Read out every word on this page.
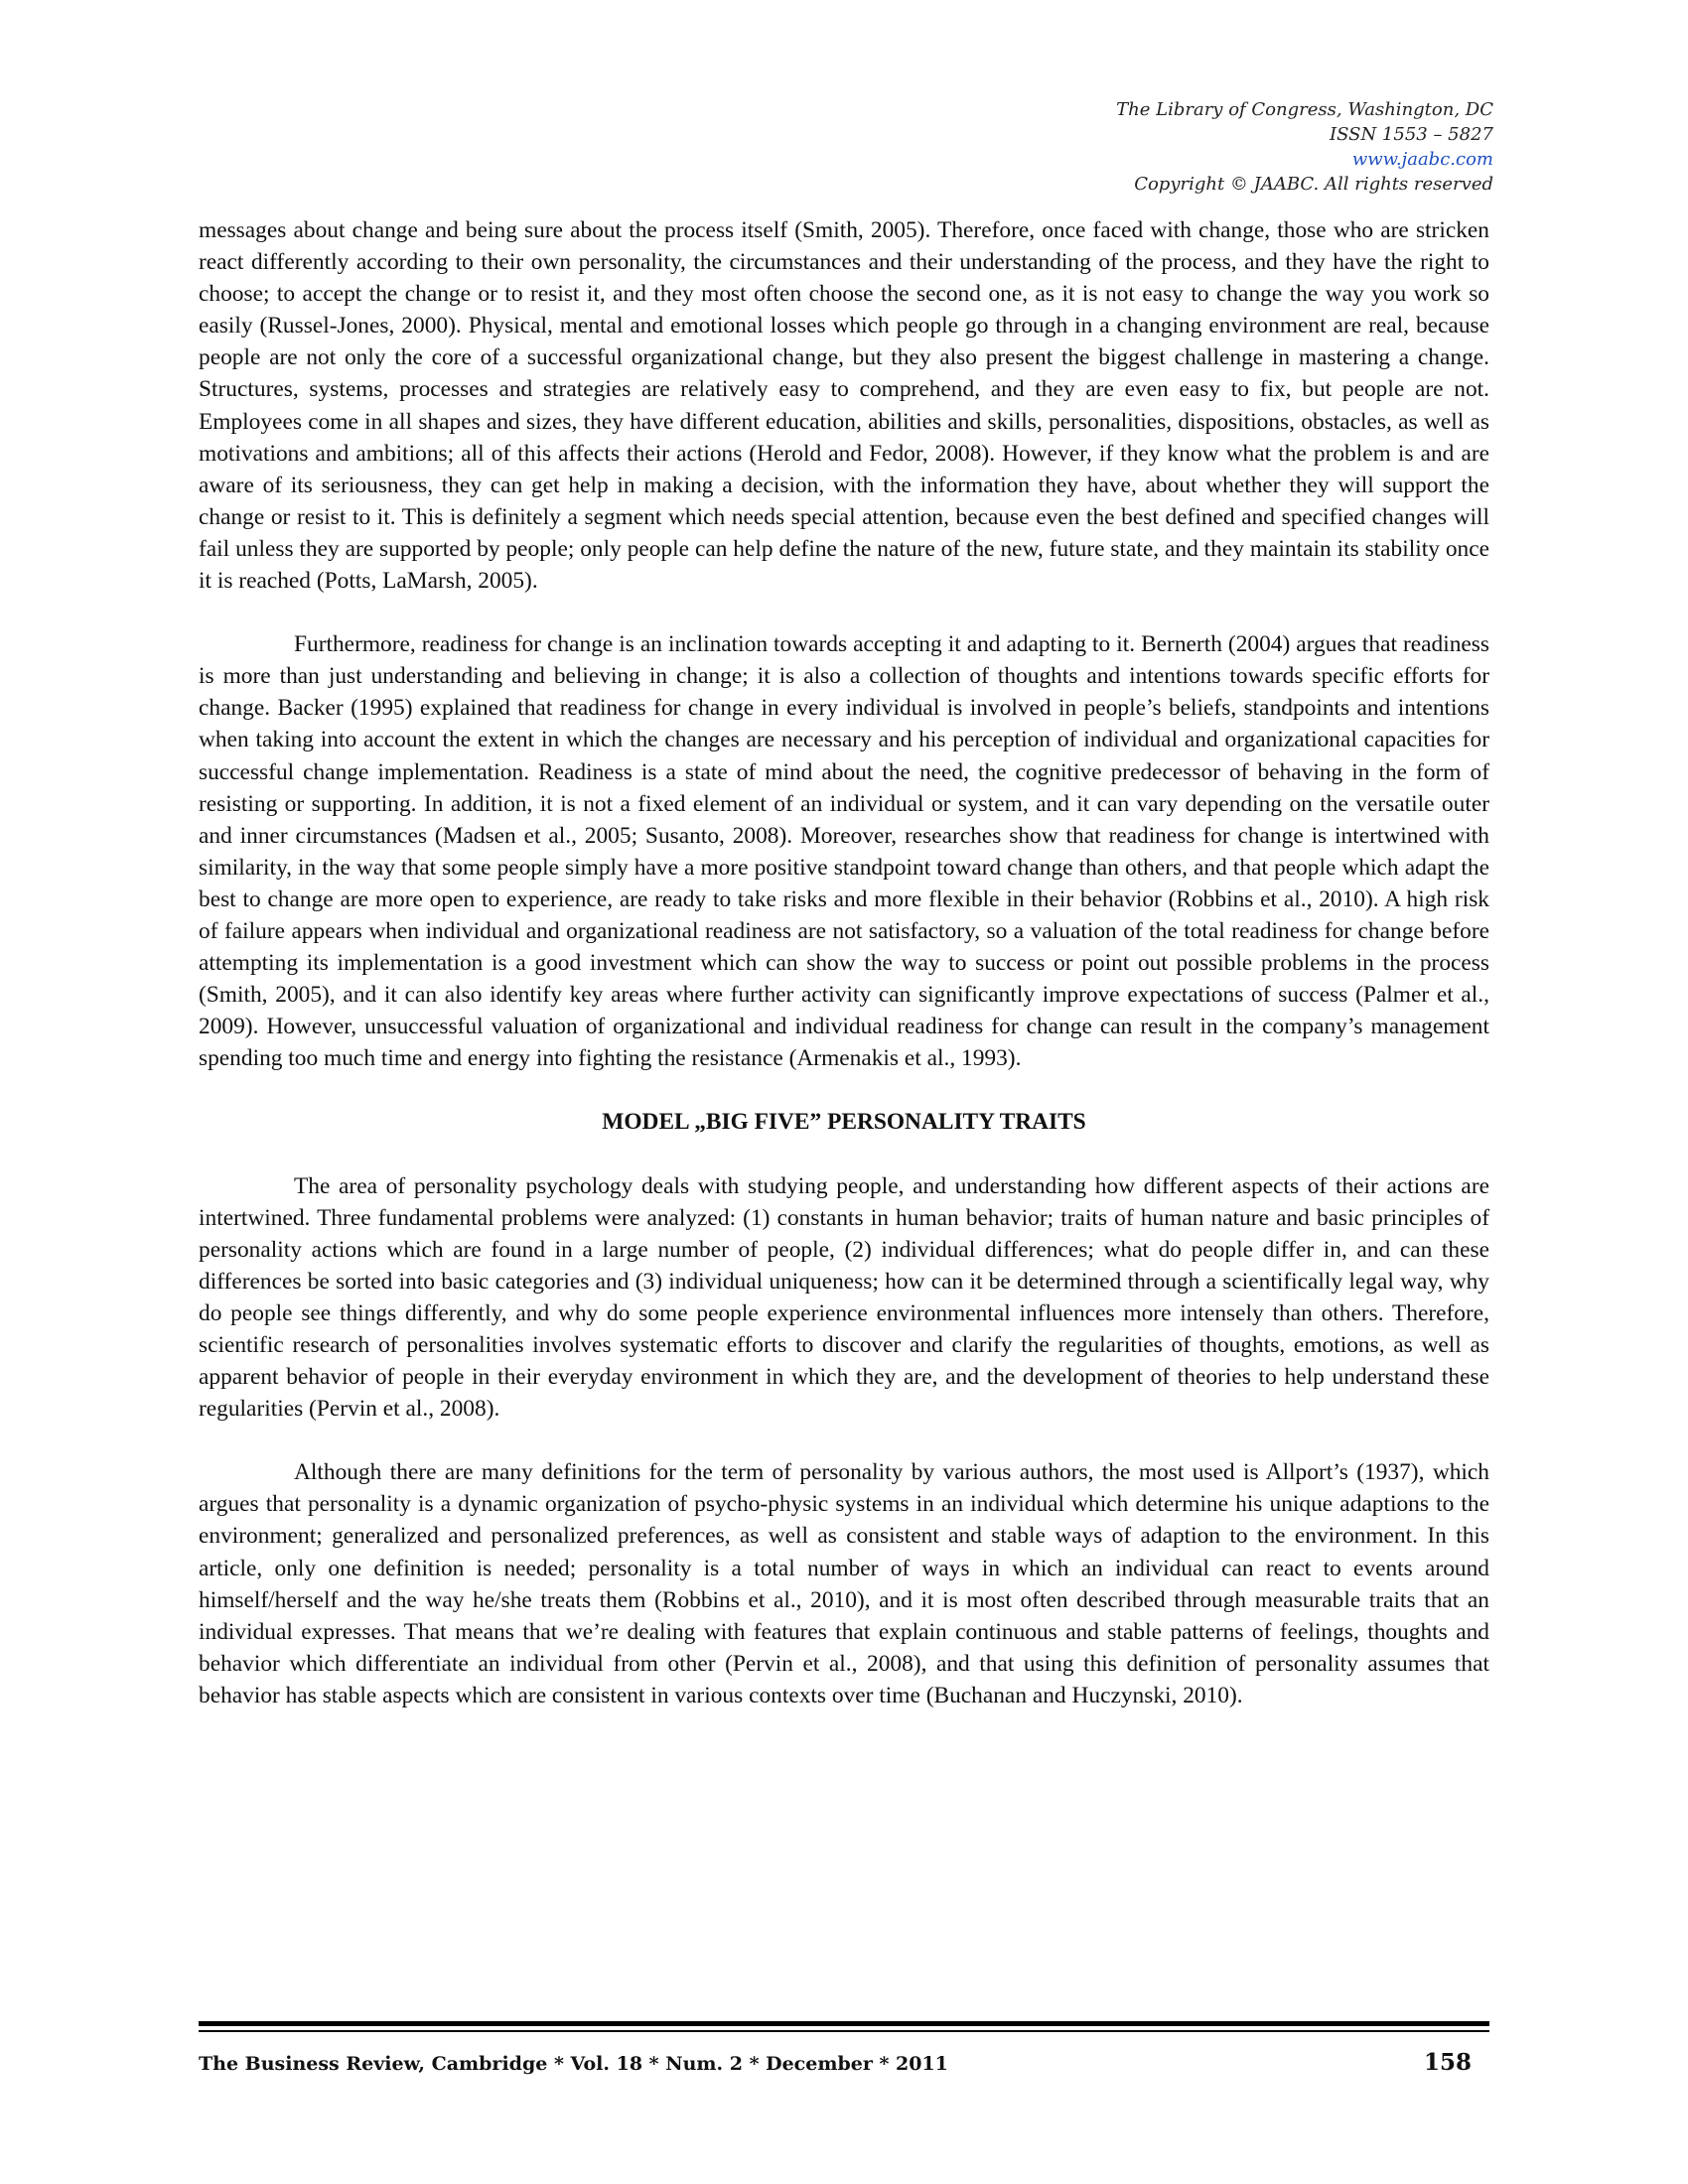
The Library of Congress, Washington, DC
ISSN 1553 – 5827
www.jaabc.com
Copyright © JAABC. All rights reserved

messages about change and being sure about the process itself (Smith, 2005). Therefore, once faced with change, those who are stricken react differently according to their own personality, the circumstances and their understanding of the process, and they have the right to choose; to accept the change or to resist it, and they most often choose the second one, as it is not easy to change the way you work so easily (Russel-Jones, 2000). Physical, mental and emotional losses which people go through in a changing environment are real, because people are not only the core of a successful organizational change, but they also present the biggest challenge in mastering a change. Structures, systems, processes and strategies are relatively easy to comprehend, and they are even easy to fix, but people are not. Employees come in all shapes and sizes, they have different education, abilities and skills, personalities, dispositions, obstacles, as well as motivations and ambitions; all of this affects their actions (Herold and Fedor, 2008). However, if they know what the problem is and are aware of its seriousness, they can get help in making a decision, with the information they have, about whether they will support the change or resist to it. This is definitely a segment which needs special attention, because even the best defined and specified changes will fail unless they are supported by people; only people can help define the nature of the new, future state, and they maintain its stability once it is reached (Potts, LaMarsh, 2005).

Furthermore, readiness for change is an inclination towards accepting it and adapting to it. Bernerth (2004) argues that readiness is more than just understanding and believing in change; it is also a collection of thoughts and intentions towards specific efforts for change. Backer (1995) explained that readiness for change in every individual is involved in people’s beliefs, standpoints and intentions when taking into account the extent in which the changes are necessary and his perception of individual and organizational capacities for successful change implementation. Readiness is a state of mind about the need, the cognitive predecessor of behaving in the form of resisting or supporting. In addition, it is not a fixed element of an individual or system, and it can vary depending on the versatile outer and inner circumstances (Madsen et al., 2005; Susanto, 2008). Moreover, researches show that readiness for change is intertwined with similarity, in the way that some people simply have a more positive standpoint toward change than others, and that people which adapt the best to change are more open to experience, are ready to take risks and more flexible in their behavior (Robbins et al., 2010). A high risk of failure appears when individual and organizational readiness are not satisfactory, so a valuation of the total readiness for change before attempting its implementation is a good investment which can show the way to success or point out possible problems in the process (Smith, 2005), and it can also identify key areas where further activity can significantly improve expectations of success (Palmer et al., 2009). However, unsuccessful valuation of organizational and individual readiness for change can result in the company’s management spending too much time and energy into fighting the resistance (Armenakis et al., 1993).

MODEL „BIG FIVE” PERSONALITY TRAITS

The area of personality psychology deals with studying people, and understanding how different aspects of their actions are intertwined. Three fundamental problems were analyzed: (1) constants in human behavior; traits of human nature and basic principles of personality actions which are found in a large number of people, (2) individual differences; what do people differ in, and can these differences be sorted into basic categories and (3) individual uniqueness; how can it be determined through a scientifically legal way, why do people see things differently, and why do some people experience environmental influences more intensely than others. Therefore, scientific research of personalities involves systematic efforts to discover and clarify the regularities of thoughts, emotions, as well as apparent behavior of people in their everyday environment in which they are, and the development of theories to help understand these regularities (Pervin et al., 2008).

Although there are many definitions for the term of personality by various authors, the most used is Allport’s (1937), which argues that personality is a dynamic organization of psycho-physic systems in an individual which determine his unique adaptions to the environment; generalized and personalized preferences, as well as consistent and stable ways of adaption to the environment. In this article, only one definition is needed; personality is a total number of ways in which an individual can react to events around himself/herself and the way he/she treats them (Robbins et al., 2010), and it is most often described through measurable traits that an individual expresses. That means that we’re dealing with features that explain continuous and stable patterns of feelings, thoughts and behavior which differentiate an individual from other (Pervin et al., 2008), and that using this definition of personality assumes that behavior has stable aspects which are consistent in various contexts over time (Buchanan and Huczynski, 2010).

The Business Review, Cambridge * Vol. 18 * Num. 2 * December * 2011	158
